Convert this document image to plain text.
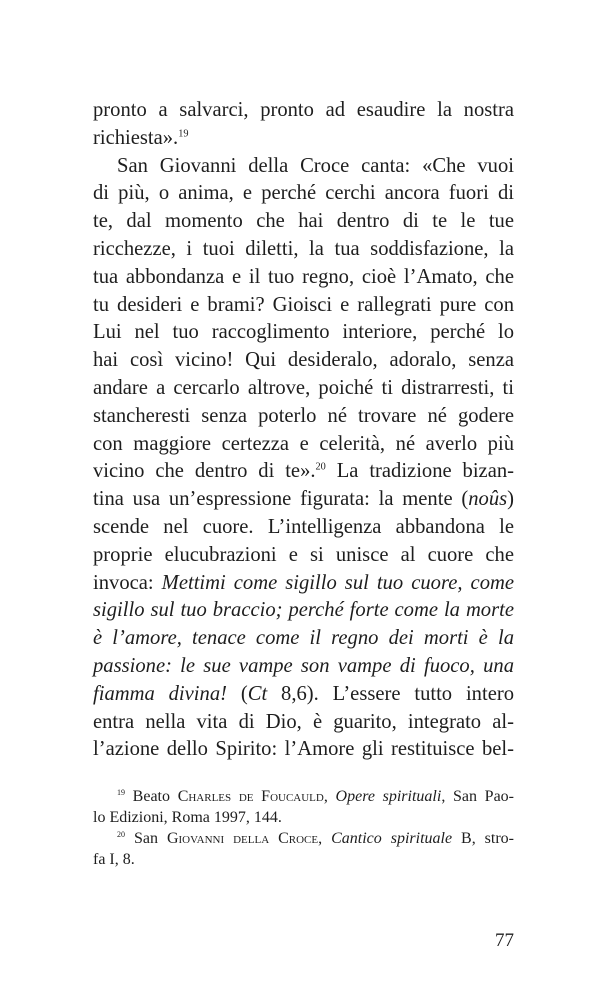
pronto a salvarci, pronto ad esaudire la nostra
richiesta».$^{19}$
San Giovanni della Croce canta: «Che vuoi
di più, o anima, e perché cerchi ancora fuori di
te, dal momento che hai dentro di te le tue
ricchezze, i tuoi diletti, la tua soddisfazione, la
tua abbondanza e il tuo regno, cioè l’Amato, che
tu desideri e brami? Gioisci e rallegrati pure con
Lui nel tuo raccoglimento interiore, perché lo
hai così vicino! Qui desideralo, adoralo, senza
andare a cercarlo altrove, poiché ti distrarresti, ti
stancheresti senza poterlo né trovare né godere
con maggiore certezza e celerità, né averlo più
vicino che dentro di te».$^{20}$ La tradizione bizan-
tina usa un’espressione figurata: la mente (noûs)
scende nel cuore. L’intelligenza abbandona le
proprie elucubrazioni e si unisce al cuore che
invoca: Mettimi come sigillo sul tuo cuore, come
sigillo sul tuo braccio; perché forte come la morte
è l’amore, tenace come il regno dei morti è la
passione: le sue vampe son vampe di fuoco, una
fiamma divina! (Ct 8,6). L’essere tutto intero
entra nella vita di Dio, è guarito, integrato al-
l’azione dello Spirito: l’Amore gli restituisce bel-
$^{19}$ Beato Charles de Foucauld, Opere spirituali, San Pao-
lo Edizioni, Roma 1997, 144.
$^{20}$ San Giovanni della Croce, Cantico spirituale B, stro-
fa I, 8.
77
